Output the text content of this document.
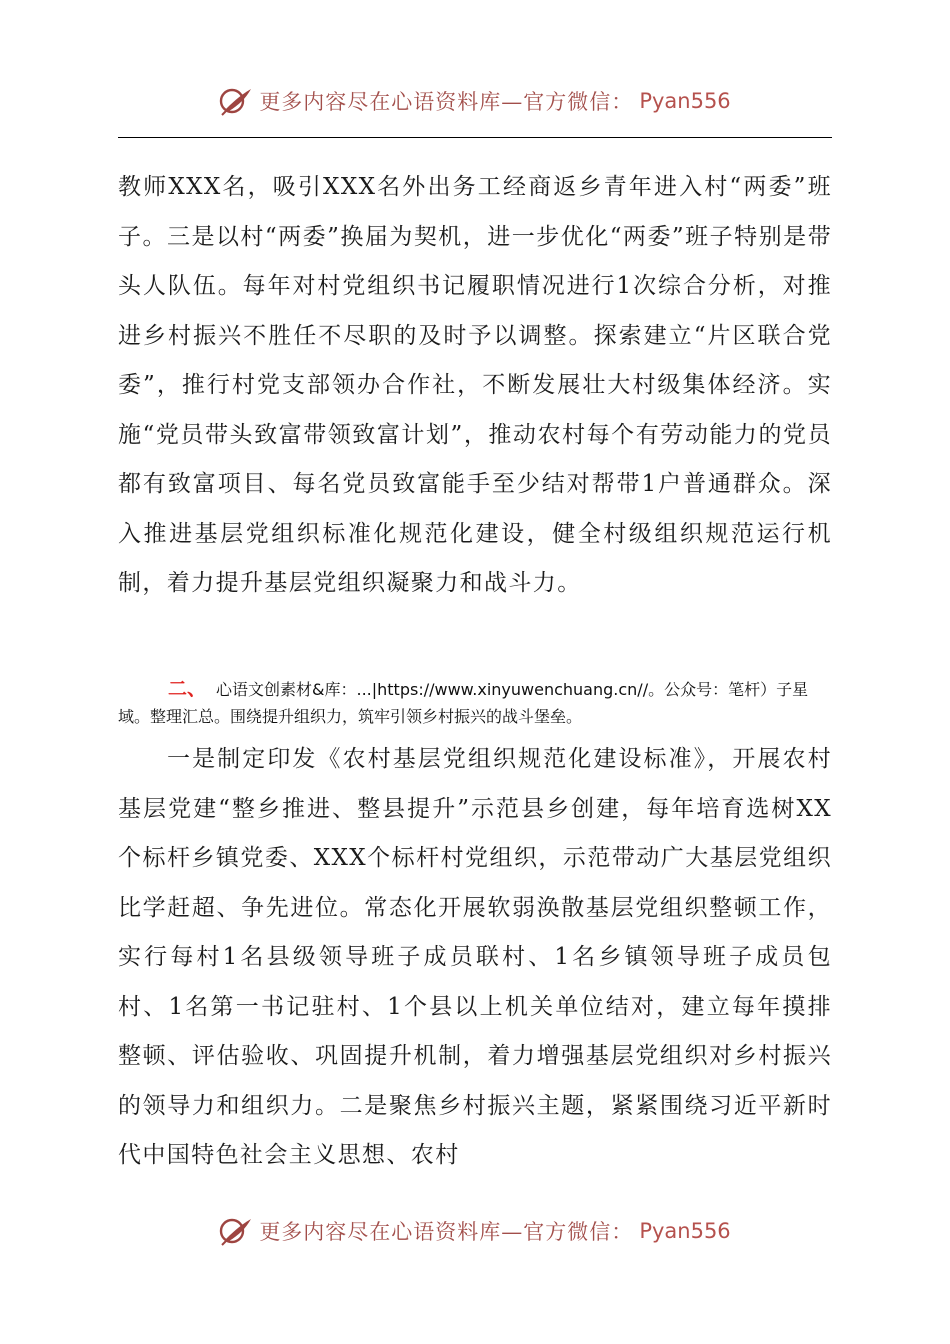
更多内容尽在心语资料库—官方微信： Pyan556

教师XXX名，吸引XXX名外出务工经商返乡青年进入村“两委”班子。三是以村“两委”换届为契机，进一步优化“两委”班子特别是带头人队伍。每年对村党组织书记履职情况进行1次综合分析，对推进乡村振兴不胜任不尽职的及时予以调整。探索建立“片区联合党委”，推行村党支部领办合作社，不断发展壮大村级集体经济。实施“党员带头致富带领致富计划”，推动农村每个有劳动能力的党员都有致富项目、每名党员致富能手至少结对帮带1户普通群众。深入推进基层党组织标准化规范化建设，健全村级组织规范运行机制，着力提升基层党组织凝聚力和战斗力。

二、 心语文创素材&库：...|https://www.xinyuwenchuang.cn//。公众号：笔杆）子星域。整理汇总。围绕提升组织力，筑牢引领乡村振兴的战斗堡垒。

一是制定印发《农村基层党组织规范化建设标准》，开展农村基层党建“整乡推进、整县提升”示范县乡创建，每年培育选树XX个标杆乡镇党委、XXX个标杆村党组织，示范带动广大基层党组织比学赶超、争先进位。常态化开展软弱涣散基层党组织整顿工作，实行每村1名县级领导班子成员联村、1名乡镇领导班子成员包村、1名第一书记驻村、1个县以上机关单位结对，建立每年摸排整顿、评估验收、巩固提升机制，着力增强基层党组织对乡村振兴的领导力和组织力。二是聚焦乡村振兴主题，紧紧围绕习近平新时代中国特色社会主义思想、农村

更多内容尽在心语资料库—官方微信： Pyan556
